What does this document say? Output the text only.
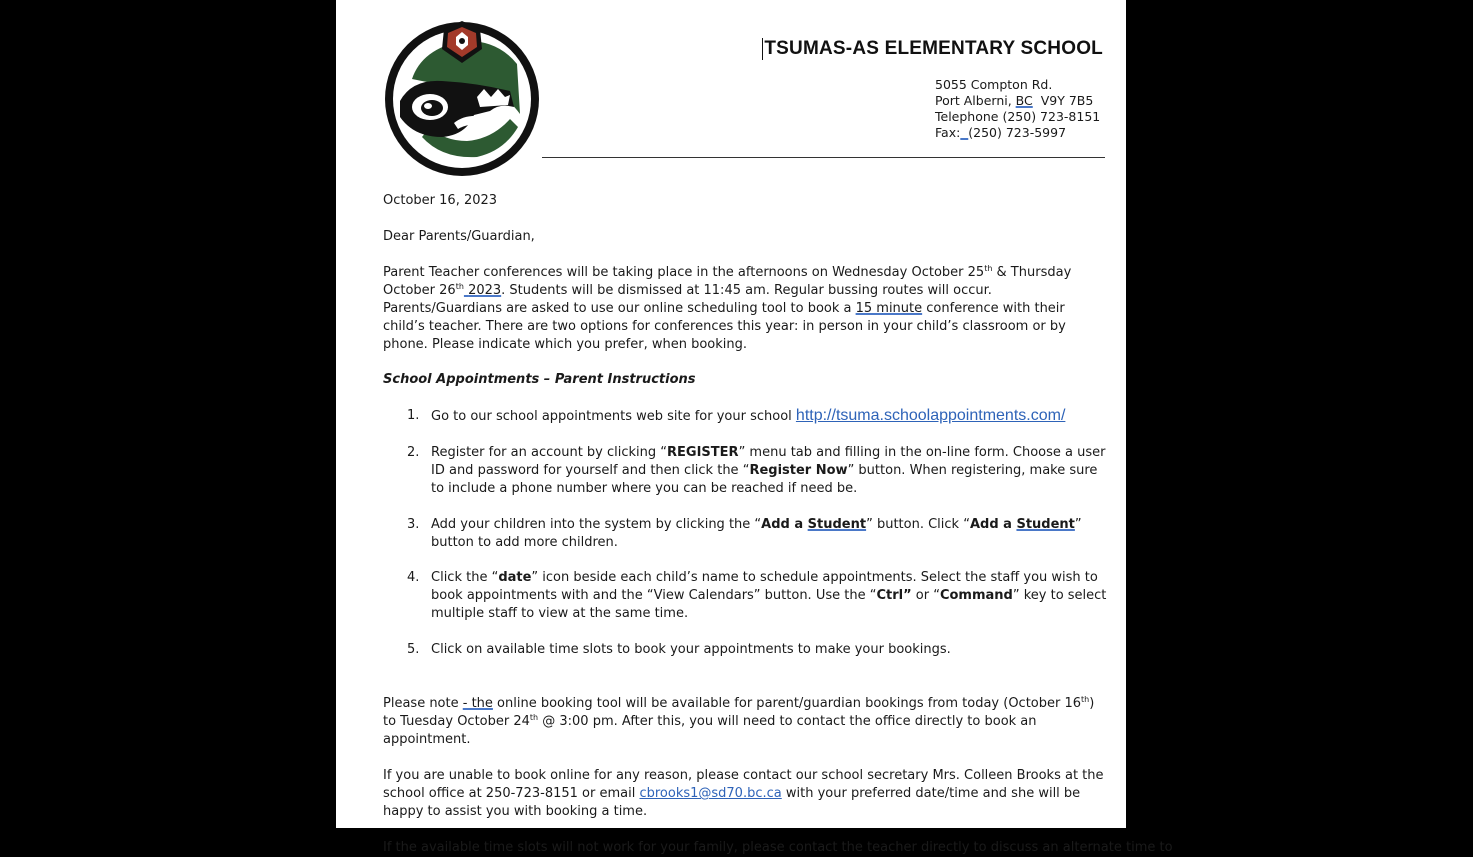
TSUMAS-AS ELEMENTARY SCHOOL
5055 Compton Rd.
Port Alberni, BC  V9Y 7B5
Telephone (250) 723-8151
Fax: (250) 723-5997

October 16, 2023

Dear Parents/Guardian,

Parent Teacher conferences will be taking place in the afternoons on Wednesday October 25th & Thursday October 26th 2023. Students will be dismissed at 11:45 am. Regular bussing routes will occur.
Parents/Guardians are asked to use our online scheduling tool to book a 15 minute conference with their child’s teacher. There are two options for conferences this year: in person in your child’s classroom or by phone. Please indicate which you prefer, when booking.

School Appointments – Parent Instructions

1. Go to our school appointments web site for your school http://tsuma.schoolappointments.com/
2. Register for an account by clicking “REGISTER” menu tab and filling in the on-line form. Choose a user ID and password for yourself and then click the “Register Now” button. When registering, make sure to include a phone number where you can be reached if need be.
3. Add your children into the system by clicking the “Add a Student” button. Click “Add a Student” button to add more children.
4. Click the “date” icon beside each child’s name to schedule appointments. Select the staff you wish to book appointments with and the “View Calendars” button. Use the “Ctrl” or “Command” key to select multiple staff to view at the same time.
5. Click on available time slots to book your appointments to make your bookings.

Please note - the online booking tool will be available for parent/guardian bookings from today (October 16th) to Tuesday October 24th @ 3:00 pm. After this, you will need to contact the office directly to book an appointment.

If you are unable to book online for any reason, please contact our school secretary Mrs. Colleen Brooks at the school office at 250-723-8151 or email cbrooks1@sd70.bc.ca with your preferred date/time and she will be happy to assist you with booking a time.

If the available time slots will not work for your family, please contact the teacher directly to discuss an alternate time to
